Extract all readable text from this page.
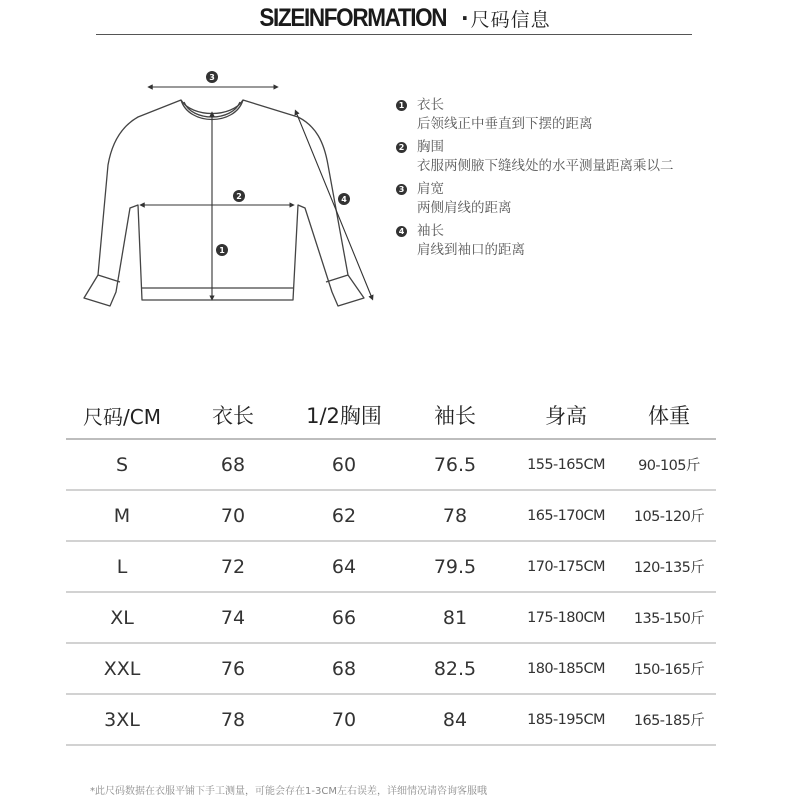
SIZEINFORMATION · 尺码信息
3
2
1
4
1 衣长
后领线正中垂直到下摆的距离
2 胸围
衣服两侧腋下缝线处的水平测量距离乘以二
3 肩宽
两侧肩线的距离
4 袖长
肩线到袖口的距离
尺码/CM	衣长	1/2胸围	袖长	身高	体重
S	68	60	76.5	155-165CM	90-105斤
M	70	62	78	165-170CM	105-120斤
L	72	64	79.5	170-175CM	120-135斤
XL	74	66	81	175-180CM	135-150斤
XXL	76	68	82.5	180-185CM	150-165斤
3XL	78	70	84	185-195CM	165-185斤
*此尺码数据在衣服平铺下手工测量，可能会存在1-3CM左右误差，详细情况请咨询客服哦
